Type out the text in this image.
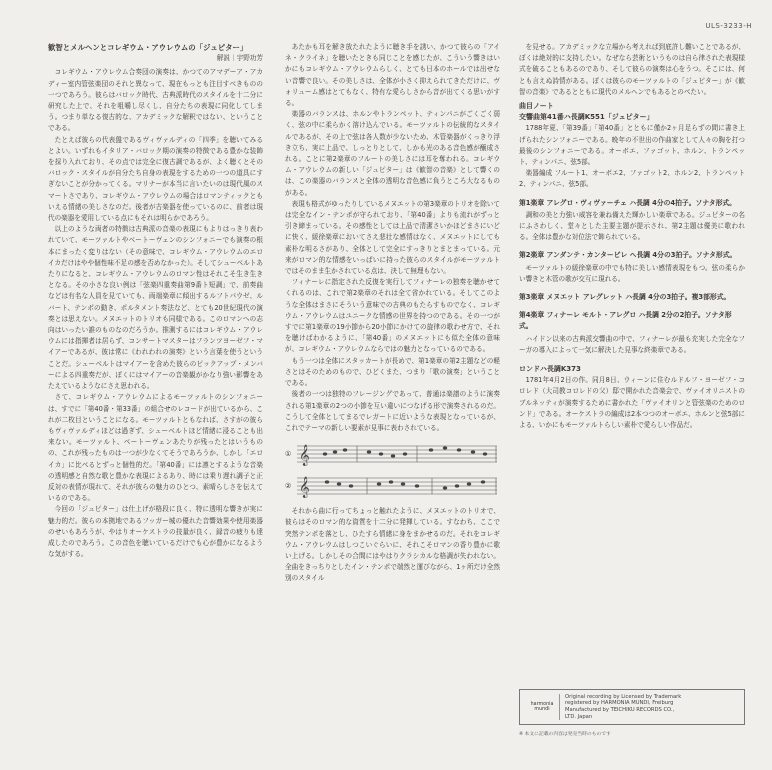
ULS-3233-H

歓智とメルヘンとコレギウム・アウレウムの「ジュピター」

解説｜宇野功芳

コレギウム・アウレウム合奏団の演奏は、かつてのアマデーア・アカディー室内管弦楽団のそれと異なって、現在もっとも注目すべきものの一つであろう。彼らはバロック時代、古典派時代のスタイルを十二分に研究した上で、それを咀嚼し尽くし、自分たちの表現に同化してしまう。つまり単なる復古的な、アカデミックな解釈ではない、ということである。

たとえば彼らの代表盤であるヴィヴァルディの「四季」を聴いてみるとよい。いずれもイタリア・バロック期の演奏の特徴である豊かな装飾を採り入れており、その点では完全に復古調であるが、よく聴くとそのバロック・スタイルが自分たち自身の表現をするための一つの道具にすぎないことが分かってくる。マリナーが本当に言いたいのは現代風のスマートさであり、コレギウム・アウレウムの場合はロマンティックともいえる情緒の美しさなのだ。後者が古楽器を使っているのに、前者は現代の楽器を愛用している点にもそれは明らかであろう。

以上のような両者の特徴は古典派の音楽の表現にもよりはっきり表われていて、モーツァルトやベートーヴェンのシンフォニーでも演奏の根本にまったく変りはない（その意味で、コレギウム・アウレウムのエロイカだけはやや個性味不足の感を否めなかった）。そしてシューベルトあたりになると、コレギウム・アウレウムのロマン性はそれこそ生き生きとなる。その小さな良い例は「弦楽四重奏曲第9番ト短調」で、前奏曲などは有名な人員を見ていても、両端楽章に傾出するルフトパウゼ、ルバート、テンポの動き、ポルタメント奏法など、とても20世紀現代の演奏とは思えない。メヌエットのトリオも同様である。このロマンへの志向はいったい誰のものなのだろうか。推測するにはコレギウム・アウレウムには指揮者は居らず、コンサートマスターはフランツヨーゼフ・マイアーであるが、彼は常に《われわれの演奏》という言葉を使うということだ。シューベルトはマイアーを含めた彼らのピックアップ・メンバーによる四重奏だが、ぼくにはマイアーの音楽観がかなり強い影響をあたえているようなにさえ思われる。

さて、コレギウム・アウレウムによるモーツァルトのシンフォニーは、すでに「第40番・第33番」の組合せのレコードが出ているから、これが二枚目ということになる。モーツァルトともなれば、さすがの彼らもヴィヴァルディほどは過ぎず、シューベルトほど情緒に浸ることも出来ない。モーツァルト、ベートーヴェンあたりが残ったとはいうものの、これが残ったものは一つが少なくてそうであろうか、しかし「エロイカ」に比べるとずっと個性的だ。「第40番」には凛とするような音楽の透明感と自然な歌と豊かな表現によるあり、時には乗り遅れ調子と正反対の表情が現れて、それが彼らの魅力のひとつ、素晴らしさを伝えているのである。

今回の「ジュピター」は仕上げが格段に良く、特に透明な響きが実に魅力的だ。彼らの本拠地であるフッガー城の優れた音響効果や使用楽器のせいもあろうが、やはりオーケストラの技量が良く、録音の疲りも達成したのであろう。この音色を聴いているだけでも心が豊かになるような気がする。

あたかも耳を解き放たれたように聴き手を誘い、かつて彼らの「アイネ・クライネ」を聴いたときも同じことを感じたが、こういう響きはいかにもコレギウム・アウレウムらしく、とても日本のホールでは出せない音響で良い。その美しさは、全体が小さく抑えられてきただけに、ヴォリューム感はとてもなく、特有な愛らしさから音が出てくる思いがする。

楽器のバランスは、ホルンやトランペット、ティンパニがごくごく弱く、弦の中に柔らかく溶け込んでいる。モーツァルトの伝統的なスタイルであるが、その上で弦は各人数が少ないため、木管楽器がくっきり浮き立ち、実に上品で、しっとりとして、しかも光のある音色感が醸成される。ことに第2楽章のフルートの美しさには耳を奪われる。コレギウム・アウレウムの新しい「ジュピター」は《歓智の音楽》として響くのは、この楽器のバランスと全体の透明な音色感に負うところ大なるものがある。

表現も格式がゆったりしているメヌエットの第3楽章のトリオを除いては完全なイン・テンポが守られており、「第40番」よりも流れがずっと引き締まっている。その感性としては上品で清潔さいかほどまさにいどに快く、緩徐楽章においてさえ悲壮な感情はなく、メヌエットにしても素朴な明るさがあり、全体として完全にすっきりとまとまっている。元来がロマン的な情感をいっぱいに持った彼らのスタイルがモーツァルトではそのまま生かされている点は、決して無理もない。

フィナーレに指定された反復を実行してフィナーレの独奏を聴かせてくれるのは、これで第2楽章のそれは全て省かれている。そしてこのような全体はまさにそういう意味での古典のもたらすものでなく、コレギウム・アウレウムはユニークな情感の世界を持つのである。その一つがすでに第1楽章の19小節から20小節にかけての旋律の歌わせ方で、それを聴けばわかるように、「第40番」のメヌエットにも似た全体の意味が、コレギウム・アウレウムならではの魅力となっているのである。

もう一つは全体にスタッカートが長めで、第1楽章の第2主題などの軽さとはそのためのもので、ひどくまた、つまり「歌の演奏」ということである。

後者の一つは独特のフレージングであって、普通は楽譜のように演奏される第1楽章の2つの小節を互い違いにつなげる形で演奏されるのだ。こうして全体としてまるでレガートに近いような表現となっているが、これでテーマの新しい要素が見事に表わされている。

① 𝄞
② 𝄞

それから曲に行ってちょっと触れたように、メヌエットのトリオで、彼らはそのロマン的な資質を十二分に発揮している。すなわち、ここで突然テンポを落とし、ひたすら情緒に身をまかせるのだ。それをコレギウム・アウレウムはしつこいぐらいに、それこそロマンの香り豊かに歌い上げる。しかしその合間にはやはりクラシカルな格調が失われない。全曲をきっちりとしたイン・テンポで端然と運びながら、1ヶ所だけ全然別のスタイル

を見せる。アカデミックな立場から考えれば到底許し難いことであるが、ぼくは絶対的に支持したい。なぜなら芸術というものは自ら律された表現様式を破ることもあるのであり、そして彼らの演奏は心をうつ。そこには、何とも言えぬ詩情がある。ぼくは彼らのモーツァルトの「ジュピター」が《歓智の音楽》であるとともに現代のメルヘンでもあるとのべたい。

曲目ノート

交響曲第41番ハ長調K551「ジュピター」

1788年夏、「第39番」「第40番」とともに僅か2ヶ月足らずの間に書き上げられたシンフォニーである。晩年の不世出の作曲家として人々の胸を打つ最後のシンフォニーである。オーボエ、ファゴット、ホルン、トランペット、ティンパニ、弦5部。

楽器編成 フルート1、オーボエ2、ファゴット2、ホルン2、トランペット2、ティンパニ、弦5部。

第1楽章 アレグロ・ヴィヴァーチェ ハ長調 4分の4拍子。ソナタ形式。

調和の美と力強い威容を兼ね備えた輝かしい楽章である。ジュピターの名にふさわしく、堂々とした主要主題が提示され、第2主題は優美に歌われる。全体は豊かな対位法で飾られている。

第2楽章 アンダンテ・カンタービレ ヘ長調 4分の3拍子。ソナタ形式。

モーツァルトの緩徐楽章の中でも特に美しい感情表現をもつ。弦の柔らかい響きと木管の歌が交互に現れる。

第3楽章 メヌエット アレグレット ハ長調 4分の3拍子。複3部形式。

第4楽章 フィナーレ モルト・アレグロ ハ長調 2分の2拍子。ソナタ形式。

ハイドン以来の古典派交響曲の中で、フィナーレが最も充実した完全なフーガの導入によって一気に解決した見事な終楽章である。

ロンドハ長調K373

1781年4月2日の作。同月8日、ウィーンに住むルドルフ・ヨーゼフ・コロレド（大司教コロレドの父）邸で開かれた音楽会で、ヴァイオリニストのブルネッティが演奏するために書かれた「ヴァイオリンと管弦楽のためのロンド」である。オーケストラの編成は2本つつのオーボエ、ホルンと弦5部による、いかにもモーツァルトらしい素朴で愛らしい作品だ。

harmonia
mundi
Original recording by Licensed by Trademark
registered by HARMONIA MUNDI, Freiburg
Manufactured by TEICHIKU RECORDS CO.,
LTD. Japan
※ 本文に記載の内容は発売当時のものです
